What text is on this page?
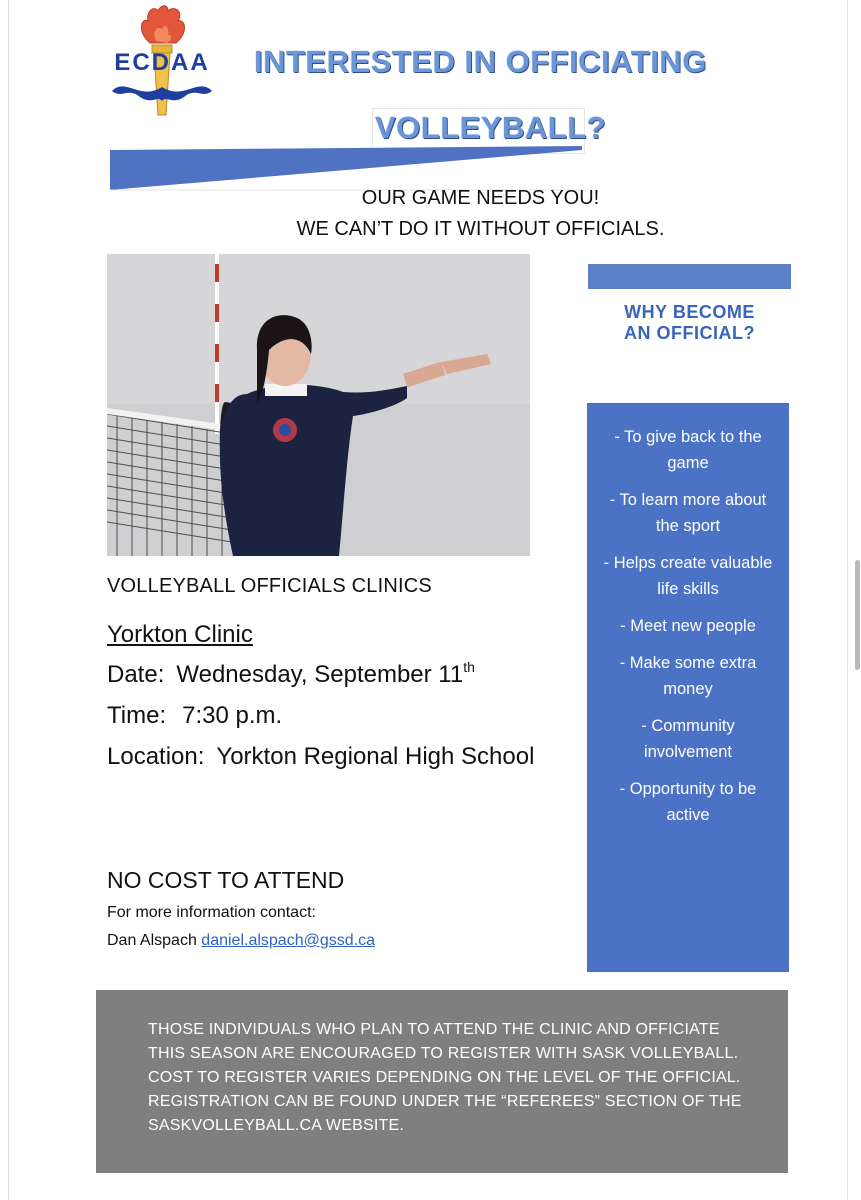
ECDAA INTERESTED IN OFFICIATING
VOLLEYBALL?
OUR GAME NEEDS YOU!
WE CAN’T DO IT WITHOUT OFFICIALS.
WHY BECOME
AN OFFICIAL?
- To give back to the game
- To learn more about the sport
- Helps create valuable life skills
- Meet new people
- Make some extra money
- Community involvement
- Opportunity to be active
VOLLEYBALL OFFICIALS CLINICS
Yorkton Clinic
Date: Wednesday, September 11th
Time: 7:30 p.m.
Location: Yorkton Regional High School
NO COST TO ATTEND
For more information contact:
Dan Alspach daniel.alspach@gssd.ca

THOSE INDIVIDUALS WHO PLAN TO ATTEND THE CLINIC AND OFFICIATE THIS SEASON ARE ENCOURAGED TO REGISTER WITH SASK VOLLEYBALL. COST TO REGISTER VARIES DEPENDING ON THE LEVEL OF THE OFFICIAL. REGISTRATION CAN BE FOUND UNDER THE “REFEREES” SECTION OF THE SASKVOLLEYBALL.CA WEBSITE.
